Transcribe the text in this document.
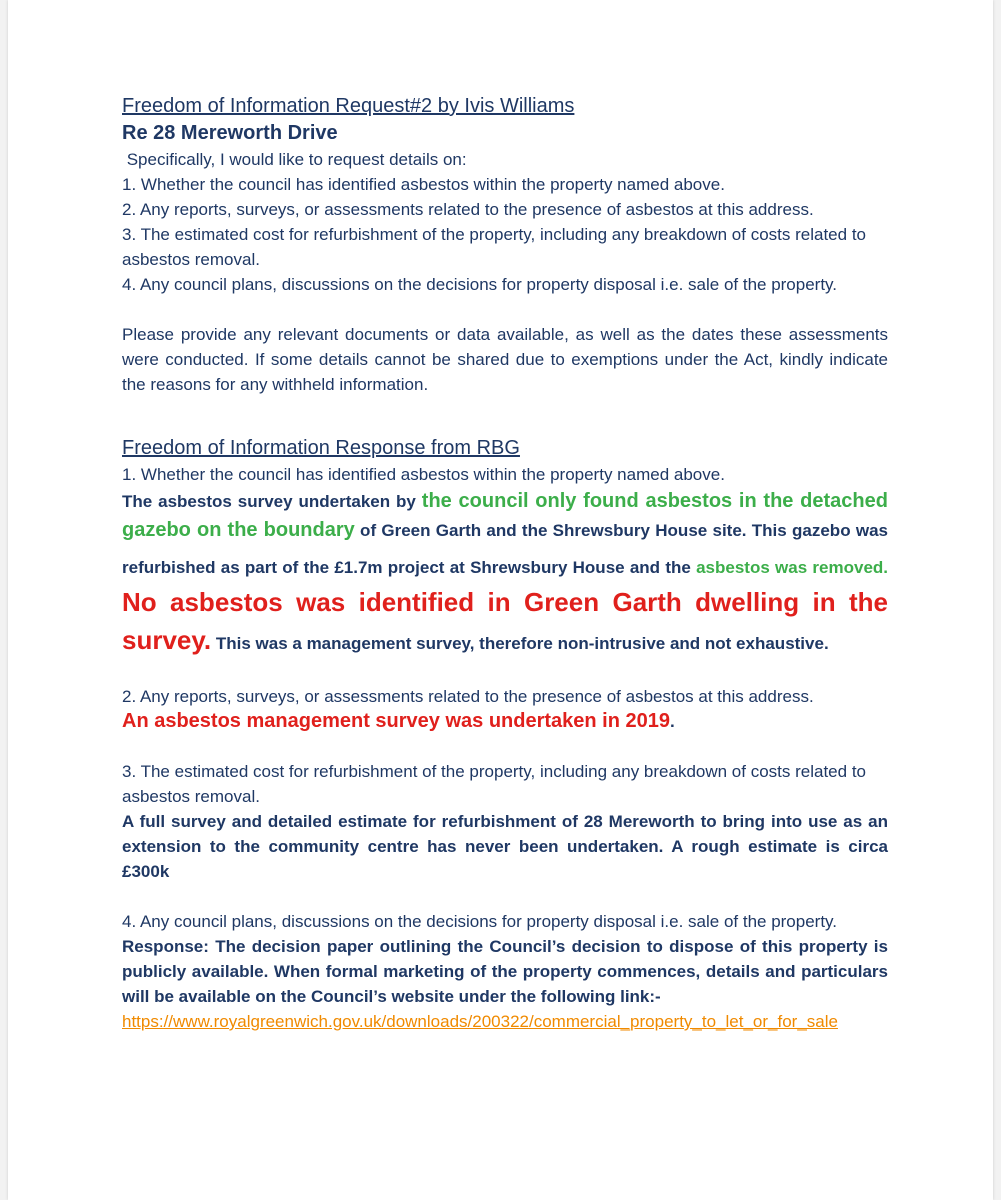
Freedom of Information Request#2 by Ivis Williams
Re 28 Mereworth Drive

Specifically, I would like to request details on:

1. Whether the council has identified asbestos within the property named above.

2. Any reports, surveys, or assessments related to the presence of asbestos at this address.

3. The estimated cost for refurbishment of the property, including any breakdown of costs related to asbestos removal.

4. Any council plans, discussions on the decisions for property disposal i.e. sale of the property.

Please provide any relevant documents or data available, as well as the dates these assessments were conducted. If some details cannot be shared due to exemptions under the Act, kindly indicate the reasons for any withheld information.

Freedom of Information Response from RBG

1. Whether the council has identified asbestos within the property named above.

The asbestos survey undertaken by the council only found asbestos in the detached gazebo on the boundary of Green Garth and the Shrewsbury House site. This gazebo was refurbished as part of the £1.7m project at Shrewsbury House and the asbestos was removed. No asbestos was identified in Green Garth dwelling in the survey. This was a management survey, therefore non-intrusive and not exhaustive.

2. Any reports, surveys, or assessments related to the presence of asbestos at this address.

An asbestos management survey was undertaken in 2019.

3. The estimated cost for refurbishment of the property, including any breakdown of costs related to asbestos removal.

A full survey and detailed estimate for refurbishment of 28 Mereworth to bring into use as an extension to the community centre has never been undertaken. A rough estimate is circa £300k

4. Any council plans, discussions on the decisions for property disposal i.e. sale of the property.

Response: The decision paper outlining the Council’s decision to dispose of this property is publicly available. When formal marketing of the property commences, details and particulars will be available on the Council’s website under the following link:-

https://www.royalgreenwich.gov.uk/downloads/200322/commercial_property_to_let_or_for_sale
